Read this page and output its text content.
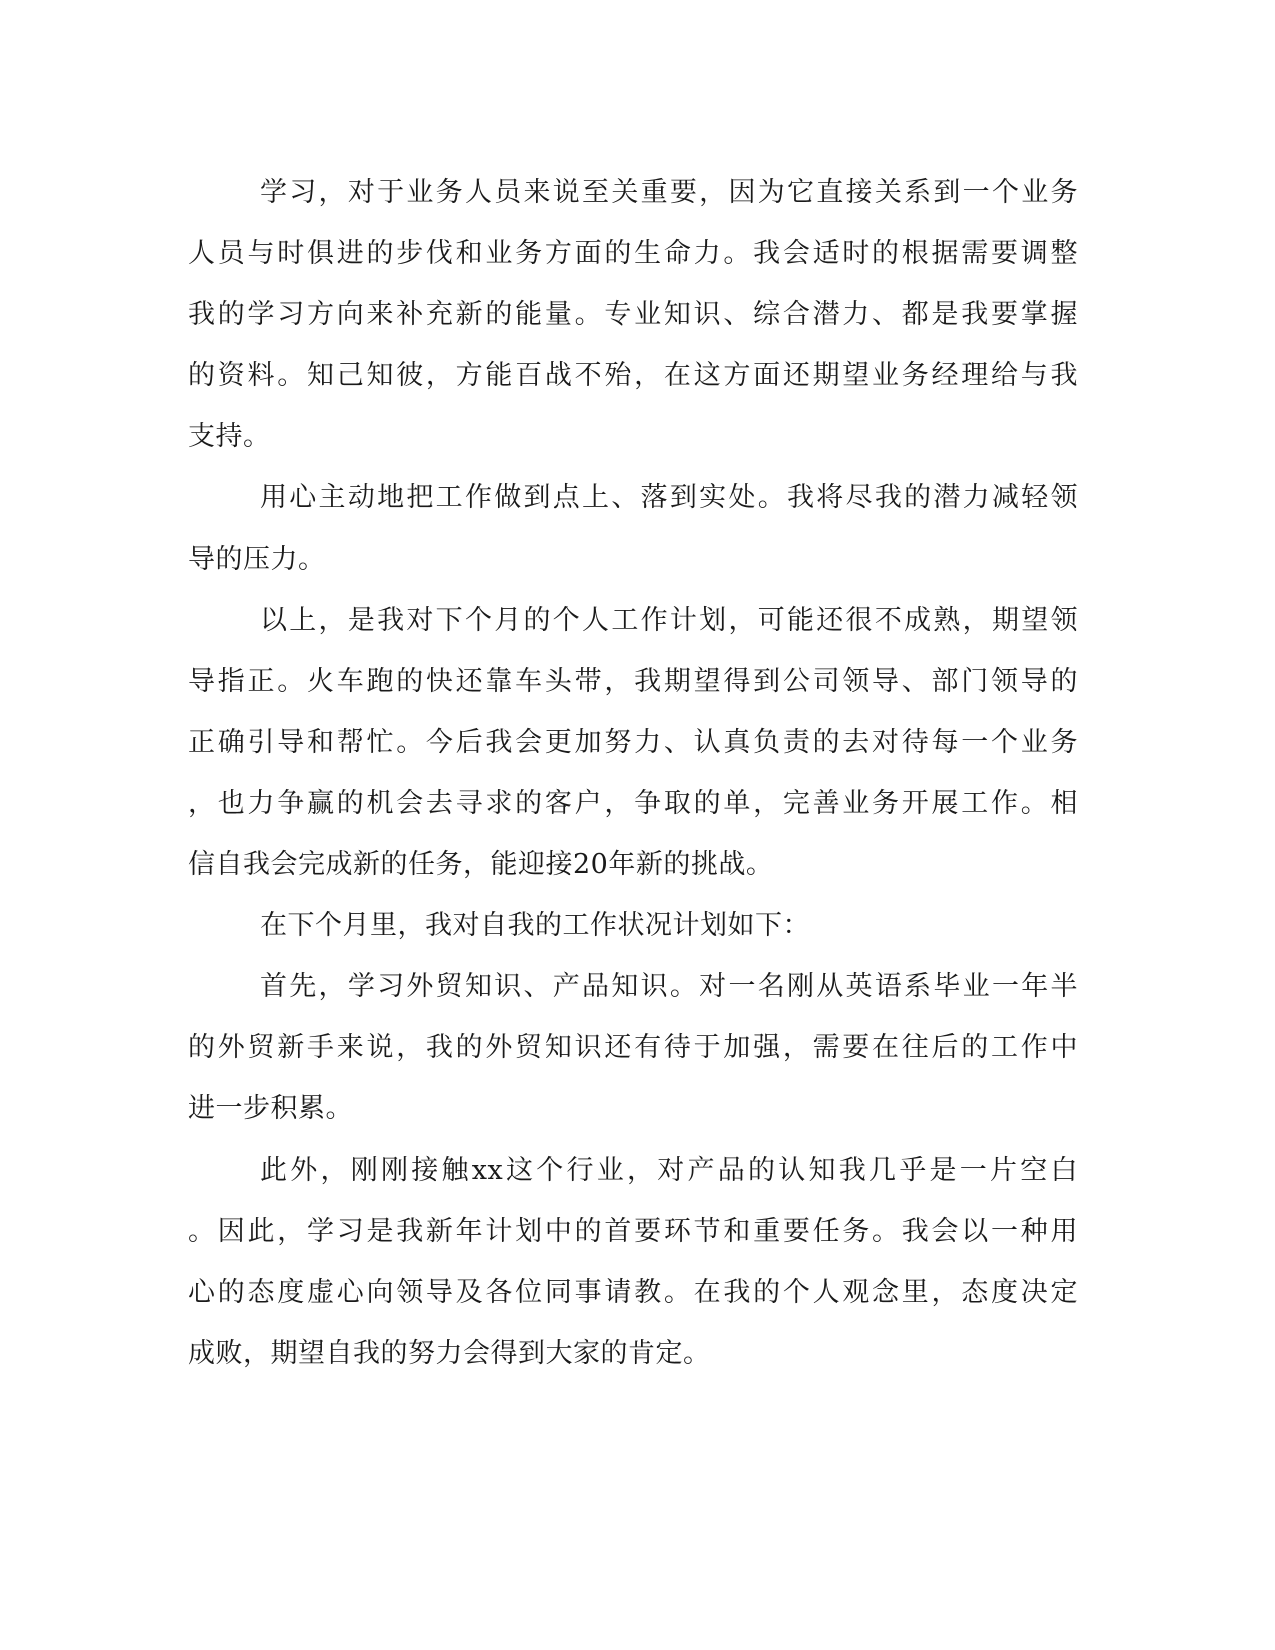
学习，对于业务人员来说至关重要，因为它直接关系到一个业务
人员与时俱进的步伐和业务方面的生命力。我会适时的根据需要调整
我的学习方向来补充新的能量。专业知识、综合潜力、都是我要掌握
的资料。知己知彼，方能百战不殆，在这方面还期望业务经理给与我
支持。
用心主动地把工作做到点上、落到实处。我将尽我的潜力减轻领
导的压力。
以上，是我对下个月的个人工作计划，可能还很不成熟，期望领
导指正。火车跑的快还靠车头带，我期望得到公司领导、部门领导的
正确引导和帮忙。今后我会更加努力、认真负责的去对待每一个业务
，也力争赢的机会去寻求的客户，争取的单，完善业务开展工作。相
信自我会完成新的任务，能迎接20年新的挑战。
在下个月里，我对自我的工作状况计划如下：
首先，学习外贸知识、产品知识。对一名刚从英语系毕业一年半
的外贸新手来说，我的外贸知识还有待于加强，需要在往后的工作中
进一步积累。
此外，刚刚接触xx这个行业，对产品的认知我几乎是一片空白
。因此，学习是我新年计划中的首要环节和重要任务。我会以一种用
心的态度虚心向领导及各位同事请教。在我的个人观念里，态度决定
成败，期望自我的努力会得到大家的肯定。
